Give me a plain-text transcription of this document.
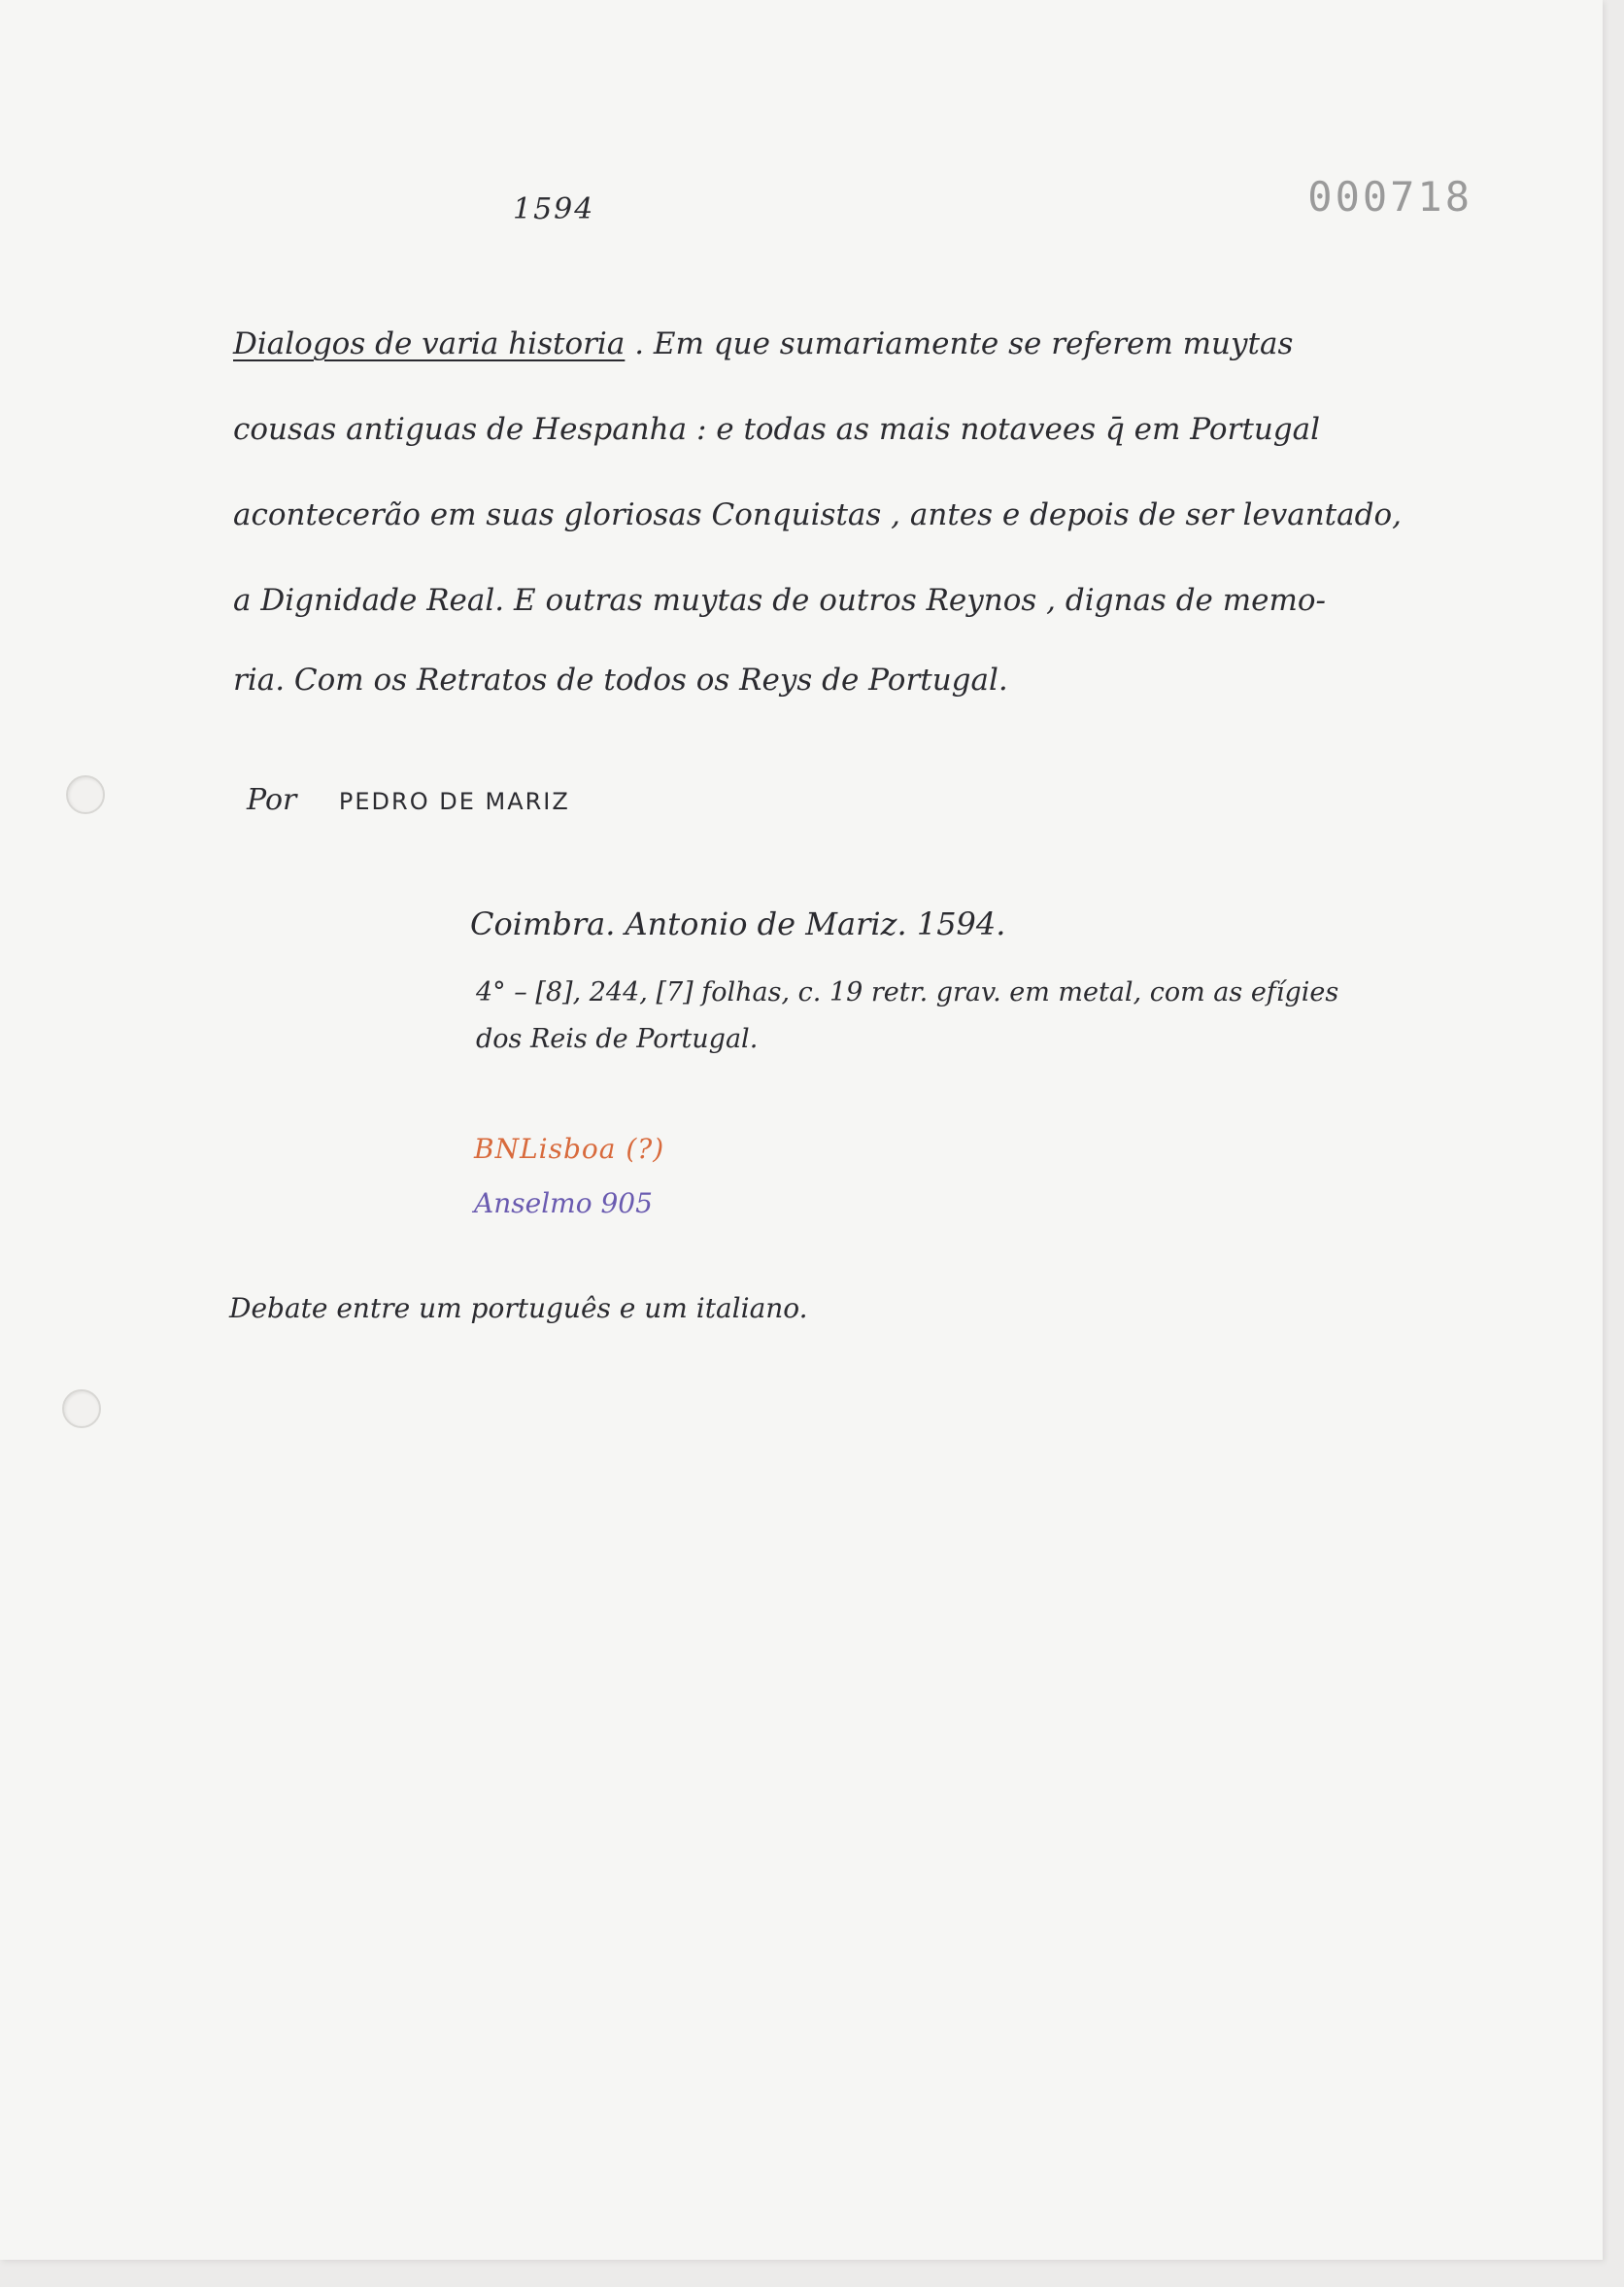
1594	000718
Dialogos de varia historia . Em que sumariamente se referem muytas
cousas antiguas de Hespanha : e todas as mais notavees q̄ em Portugal
acontecerão em suas gloriosas Conquistas , antes e depois de ser levantado,
a Dignidade Real. E outras muytas de outros Reynos , dignas de memo-
ria. Com os Retratos de todos os Reys de Portugal.
Por PEDRO DE MARIZ
Coimbra. Antonio de Mariz. 1594.
4° – [8], 244, [7] folhas, c. 19 retr. grav. em metal, com as efígies
dos Reis de Portugal.
BNLisboa (?)
Anselmo 905
Debate entre um português e um italiano.
